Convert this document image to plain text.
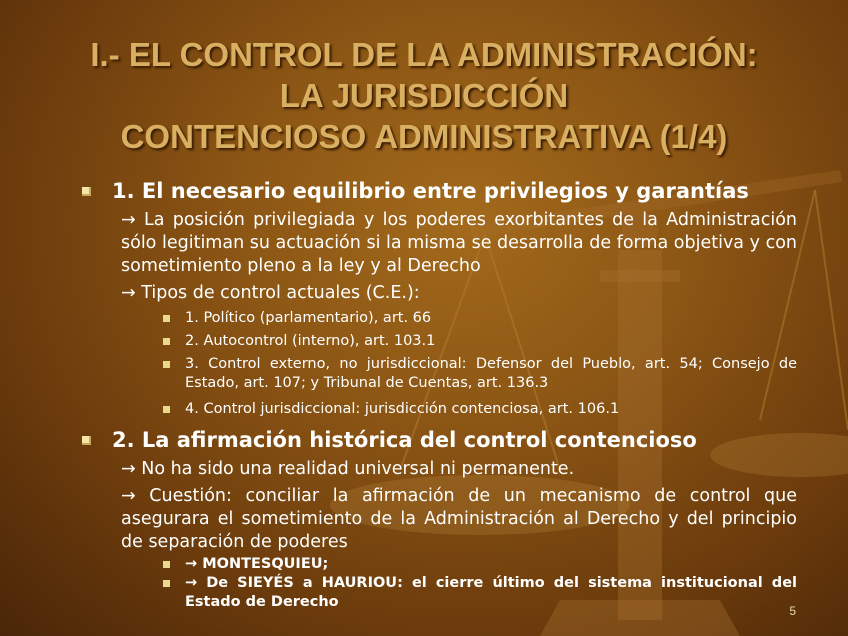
I.- EL CONTROL DE LA ADMINISTRACIÓN:
LA JURISDICCIÓN
CONTENCIOSO ADMINISTRATIVA (1/4)
1. El necesario equilibrio entre privilegios y garantías
→ La posición privilegiada y los poderes exorbitantes de la Administración sólo legitiman su actuación si la misma se desarrolla de forma objetiva y con sometimiento pleno a la ley y al Derecho
→ Tipos de control actuales (C.E.):
1. Político (parlamentario), art. 66
2. Autocontrol (interno), art. 103.1
3. Control externo, no jurisdiccional: Defensor del Pueblo, art. 54; Consejo de Estado, art. 107; y Tribunal de Cuentas, art. 136.3
4. Control jurisdiccional: jurisdicción contenciosa, art. 106.1
2. La afirmación histórica del control contencioso
→ No ha sido una realidad universal ni permanente.
→ Cuestión: conciliar la afirmación de un mecanismo de control que asegurara el sometimiento de la Administración al Derecho y del principio de separación de poderes
→ MONTESQUIEU;
→ De SIEYÉS a HAURIOU: el cierre último del sistema institucional del Estado de Derecho
5
